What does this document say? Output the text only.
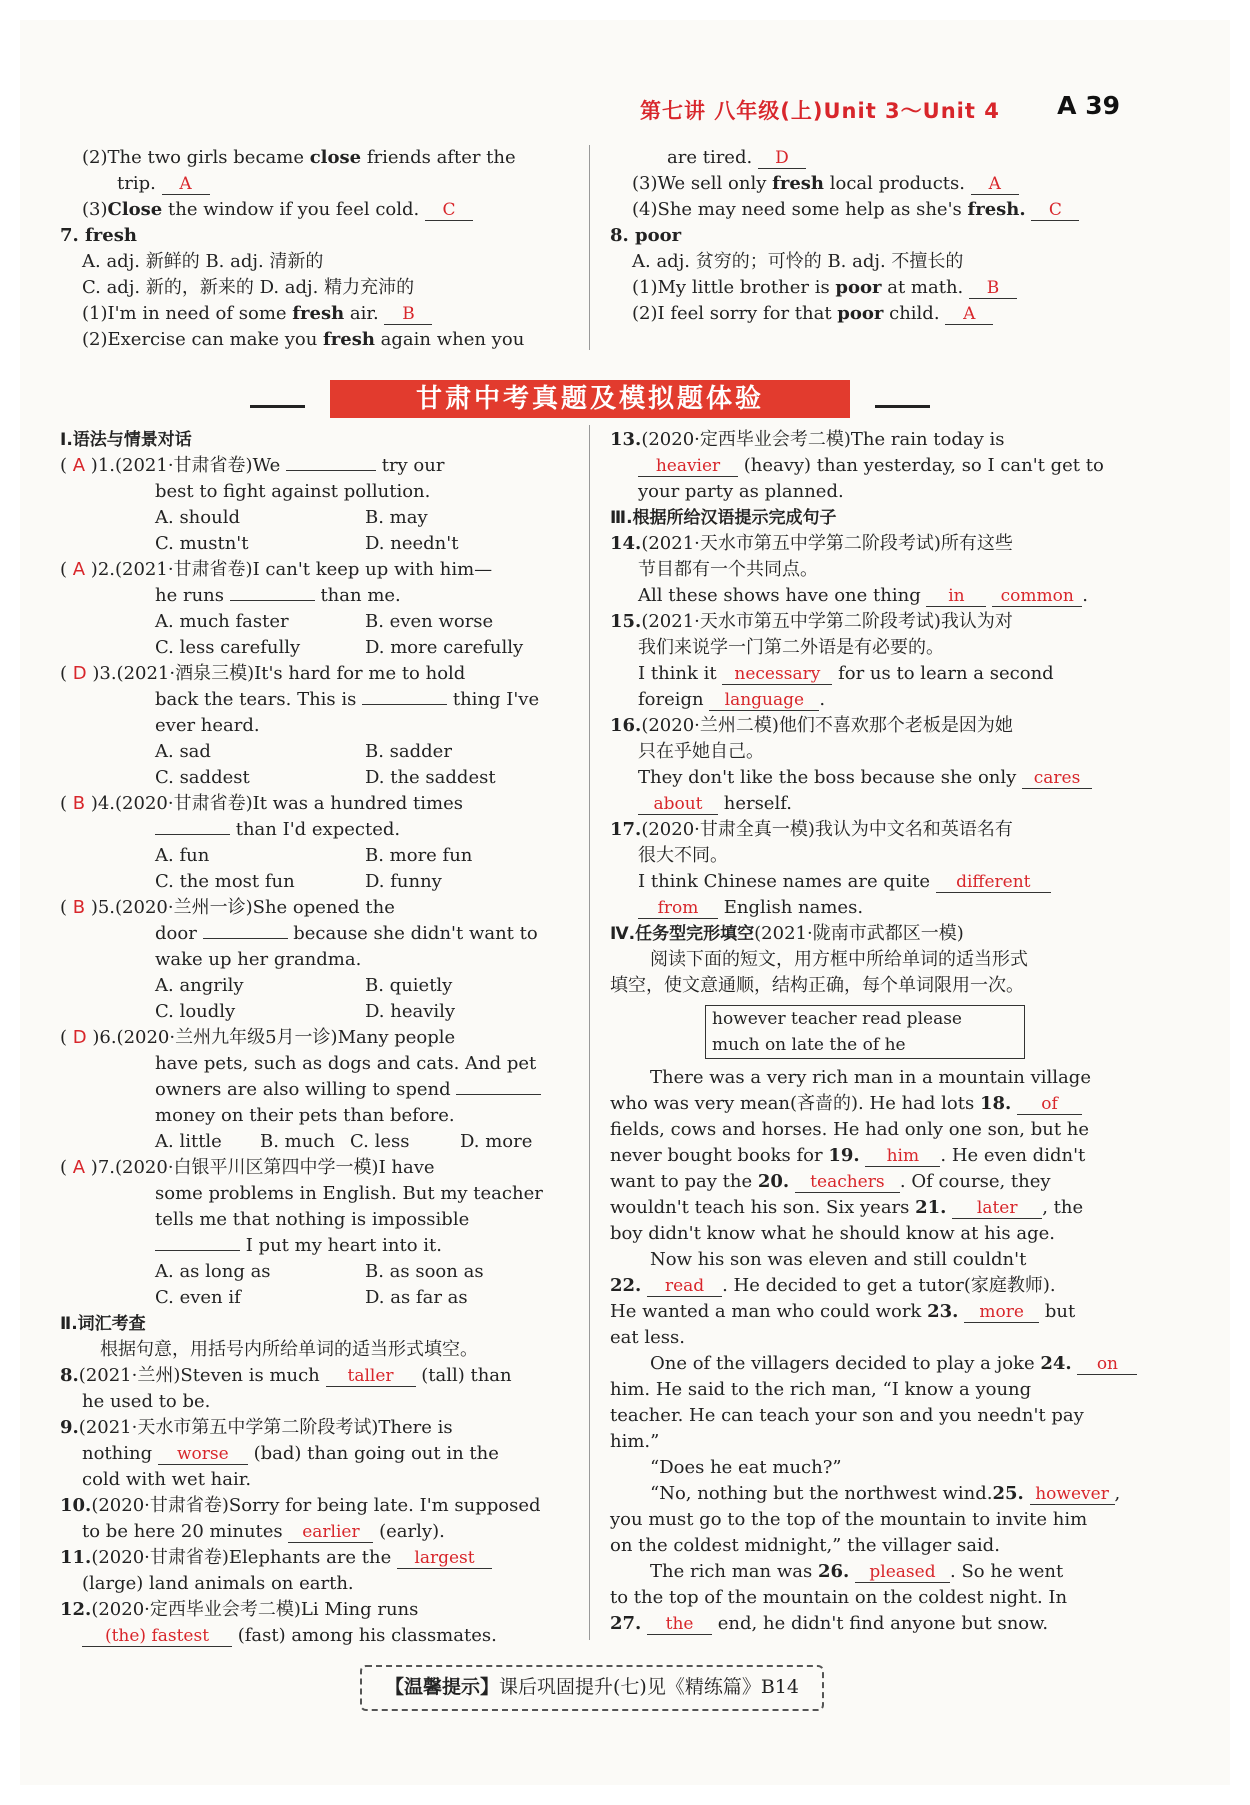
第七讲 八年级(上)Unit 3～Unit 4 A 39
(2)The two girls became close friends after the
trip. A
(3)Close the window if you feel cold. C
7. fresh
A. adj. 新鲜的 B. adj. 清新的
C. adj. 新的，新来的 D. adj. 精力充沛的
(1)I'm in need of some fresh air. B
(2)Exercise can make you fresh again when you
are tired. D
(3)We sell only fresh local products. A
(4)She may need some help as she's fresh. C
8. poor
A. adj. 贫穷的；可怜的 B. adj. 不擅长的
(1)My little brother is poor at math. B
(2)I feel sorry for that poor child. A
甘肃中考真题及模拟题体验
Ⅰ.语法与情景对话
( A )1.(2021·甘肃省卷)We	try our
best to fight against pollution.
A. should	B. may
C. mustn't	D. needn't
( A )2.(2021·甘肃省卷)I can't keep up with him—
he runs	than me.
A. much faster	B. even worse
C. less carefully	D. more carefully
( D )3.(2021·酒泉三模)It's hard for me to hold
back the tears. This is	thing I've
ever heard.
A. sad	B. sadder
C. saddest	D. the saddest
( B )4.(2020·甘肃省卷)It was a hundred times
than I'd expected.
A. fun	B. more fun
C. the most fun	D. funny
( B )5.(2020·兰州一诊)She opened the
door	because she didn't want to
wake up her grandma.
A. angrily	B. quietly
C. loudly	D. heavily
( D )6.(2020·兰州九年级5月一诊)Many people
have pets, such as dogs and cats. And pet
owners are also willing to spend
money on their pets than before.
A. little B. much C. less	D. more
( A )7.(2020·白银平川区第四中学一模)I have
some problems in English. But my teacher
tells me that nothing is impossible
I put my heart into it.
A. as long as	B. as soon as
C. even if	D. as far as
Ⅱ.词汇考查
根据句意，用括号内所给单词的适当形式填空。
8.(2021·兰州)Steven is much taller (tall) than
he used to be.
9.(2021·天水市第五中学第二阶段考试)There is
nothing worse (bad) than going out in the
cold with wet hair.
10.(2020·甘肃省卷)Sorry for being late. I'm supposed
to be here 20 minutes earlier (early).
11.(2020·甘肃省卷)Elephants are the largest
(large) land animals on earth.
12.(2020·定西毕业会考二模)Li Ming runs
(the) fastest (fast) among his classmates.
13.(2020·定西毕业会考二模)The rain today is
heavier (heavy) than yesterday, so I can't get to
your party as planned.
Ⅲ.根据所给汉语提示完成句子
14.(2021·天水市第五中学第二阶段考试)所有这些
节目都有一个共同点。
All these shows have one thing in common .
15.(2021·天水市第五中学第二阶段考试)我认为对
我们来说学一门第二外语是有必要的。
I think it necessary for us to learn a second
foreign language .
16.(2020·兰州二模)他们不喜欢那个老板是因为她
只在乎她自己。
They don't like the boss because she only cares
about herself.
17.(2020·甘肃全真一模)我认为中文名和英语名有
很大不同。
I think Chinese names are quite different
from English names.
Ⅳ.任务型完形填空(2021·陇南市武都区一模)
阅读下面的短文，用方框中所给单词的适当形式
填空，使文意通顺，结构正确，每个单词限用一次。
however teacher read please
much on late the of he
There was a very rich man in a mountain village
who was very mean(吝啬的). He had lots 18. of
fields, cows and horses. He had only one son, but he
never bought books for 19. him . He even didn't
want to pay the 20. teachers . Of course, they
wouldn't teach his son. Six years 21. later , the
boy didn't know what he should know at his age.
Now his son was eleven and still couldn't
22. read . He decided to get a tutor(家庭教师).
He wanted a man who could work 23. more but
eat less.
One of the villagers decided to play a joke 24. on
him. He said to the rich man, “I know a young
teacher. He can teach your son and you needn't pay
him.”
“Does he eat much?”
“No, nothing but the northwest wind.25. however ,
you must go to the top of the mountain to invite him
on the coldest midnight,” the villager said.
The rich man was 26. pleased . So he went
to the top of the mountain on the coldest night. In
27. the end, he didn't find anyone but snow.
【温馨提示】课后巩固提升(七)见《精练篇》B14
